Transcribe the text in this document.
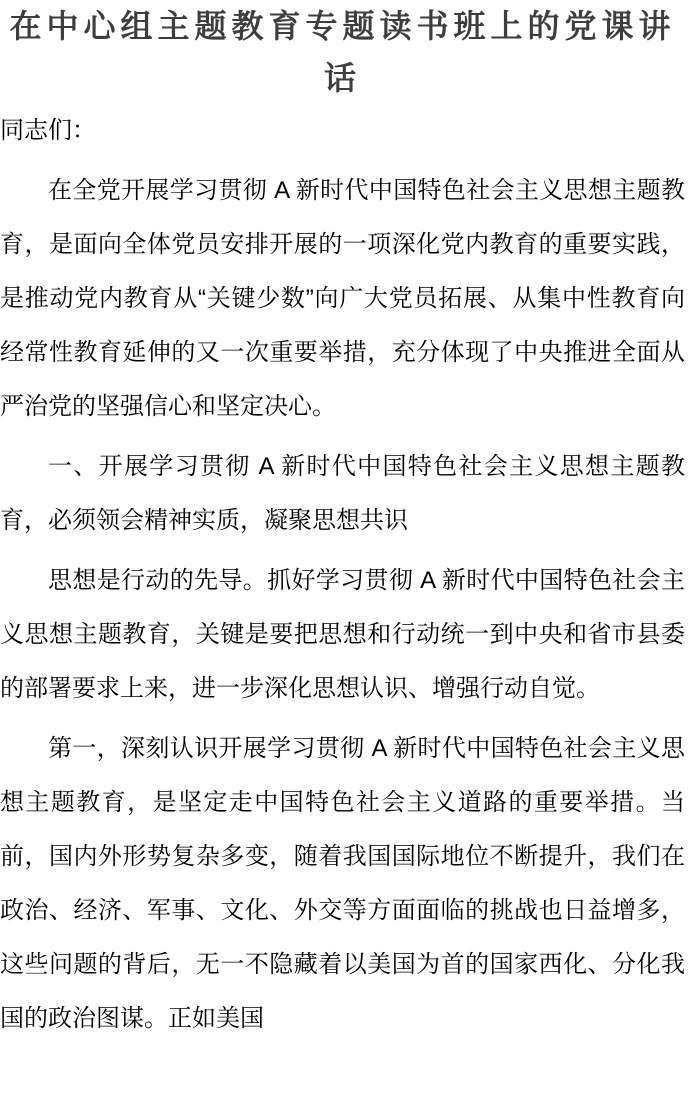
在中心组主题教育专题读书班上的党课讲话

同志们：

在全党开展学习贯彻 A 新时代中国特色社会主义思想主题教育，是面向全体党员安排开展的一项深化党内教育的重要实践，是推动党内教育从“关键少数”向广大党员拓展、从集中性教育向经常性教育延伸的又一次重要举措，充分体现了中央推进全面从严治党的坚强信心和坚定决心。

一、开展学习贯彻 A 新时代中国特色社会主义思想主题教育，必须领会精神实质，凝聚思想共识

思想是行动的先导。抓好学习贯彻 A 新时代中国特色社会主义思想主题教育，关键是要把思想和行动统一到中央和省市县委的部署要求上来，进一步深化思想认识、增强行动自觉。

第一，深刻认识开展学习贯彻 A 新时代中国特色社会主义思想主题教育，是坚定走中国特色社会主义道路的重要举措。当前，国内外形势复杂多变，随着我国国际地位不断提升，我们在政治、经济、军事、文化、外交等方面面临的挑战也日益增多，这些问题的背后，无一不隐藏着以美国为首的国家西化、分化我国的政治图谋。正如美国
